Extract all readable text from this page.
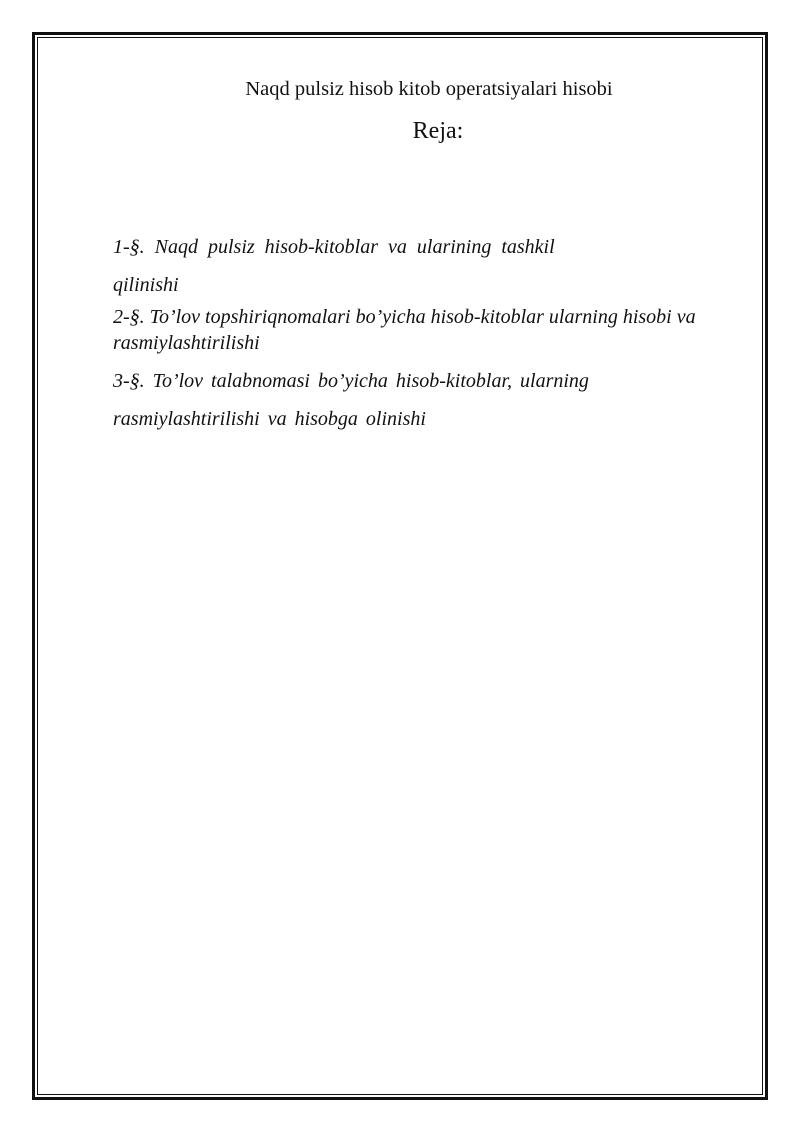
Naqd pulsiz hisob kitob operatsiyalari hisobi
Reja:

1-§. Naqd pulsiz hisob-kitoblar va ularining tashkil qilinishi

2-§. To’lov topshiriqnomalari bo’yicha hisob-kitoblar ularning hisobi va rasmiylashtirilishi

3-§. To’lov talabnomasi bo’yicha hisob-kitoblar, ularning rasmiylashtirilishi va hisobga olinishi
